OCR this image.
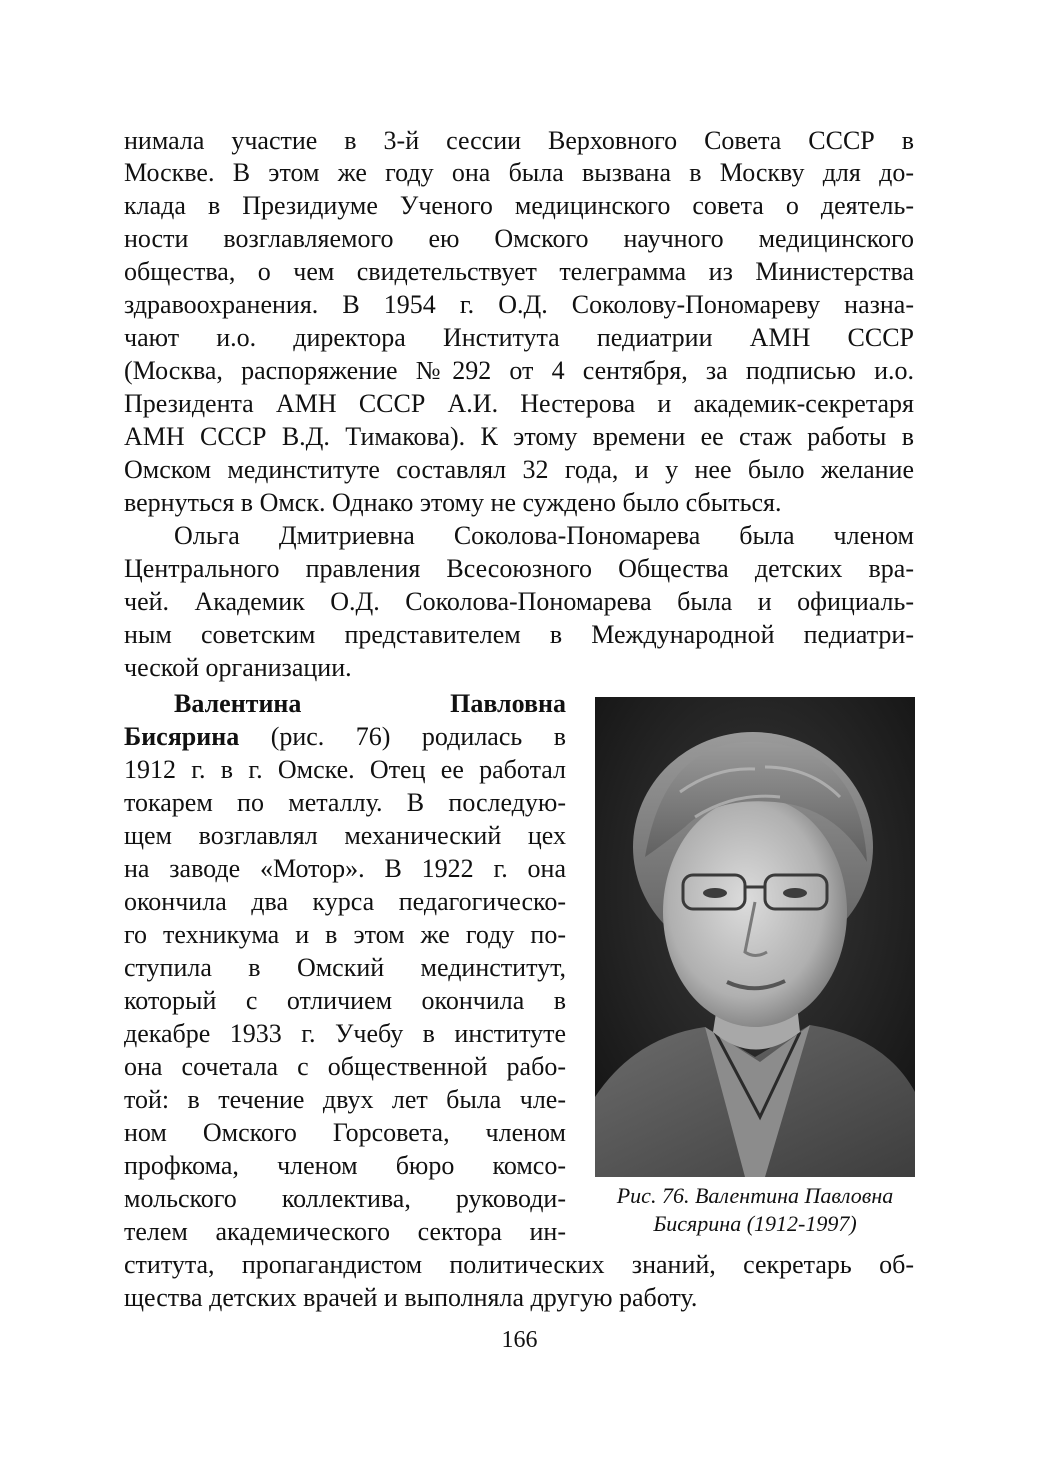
нимала участие в 3-й сессии Верховного Совета СССР в
Москве. В этом же году она была вызвана в Москву для до-
клада в Президиуме Ученого медицинского совета о деятель-
ности возглавляемого ею Омского научного медицинского
общества, о чем свидетельствует телеграмма из Министерства
здравоохранения. В 1954 г. О.Д. Соколову-Пономареву назна-
чают и.о. директора Института педиатрии АМН СССР
(Москва, распоряжение №292 от 4 сентября, за подписью и.о.
Президента АМН СССР А.И. Нестерова и академик-секретаря
АМН СССР В.Д. Тимакова). К этому времени ее стаж работы в
Омском мединституте составлял 32 года, и у нее было желание
вернуться в Омск. Однако этому не суждено было сбыться.
Ольга Дмитриевна Соколова-Пономарева была членом
Центрального правления Всесоюзного Общества детских вра-
чей. Академик О.Д. Соколова-Пономарева была и официаль-
ным советским представителем в Международной педиатри-
ческой организации.
Валентина	Павловна
Бисярина (рис. 76) родилась в
1912 г. в г. Омске. Отец ее работал
токарем по металлу. В последую-
щем возглавлял механический цех
на заводе «Мотор». В 1922 г. она
окончила два курса педагогическо-
го техникума и в этом же году по-
ступила в Омский мединститут,
который с отличием окончила в
декабре 1933 г. Учебу в институте
она сочетала с общественной рабо-
той: в течение двух лет была чле-
ном Омского Горсовета, членом
профкома, членом бюро комсо-
мольского коллектива, руководи-
телем академического сектора ин-
ститута, пропагандистом политических знаний, секретарь об-
щества детских врачей и выполняла другую работу.
Рис. 76. Валентина Павловна
Бисярина (1912-1997)
166
